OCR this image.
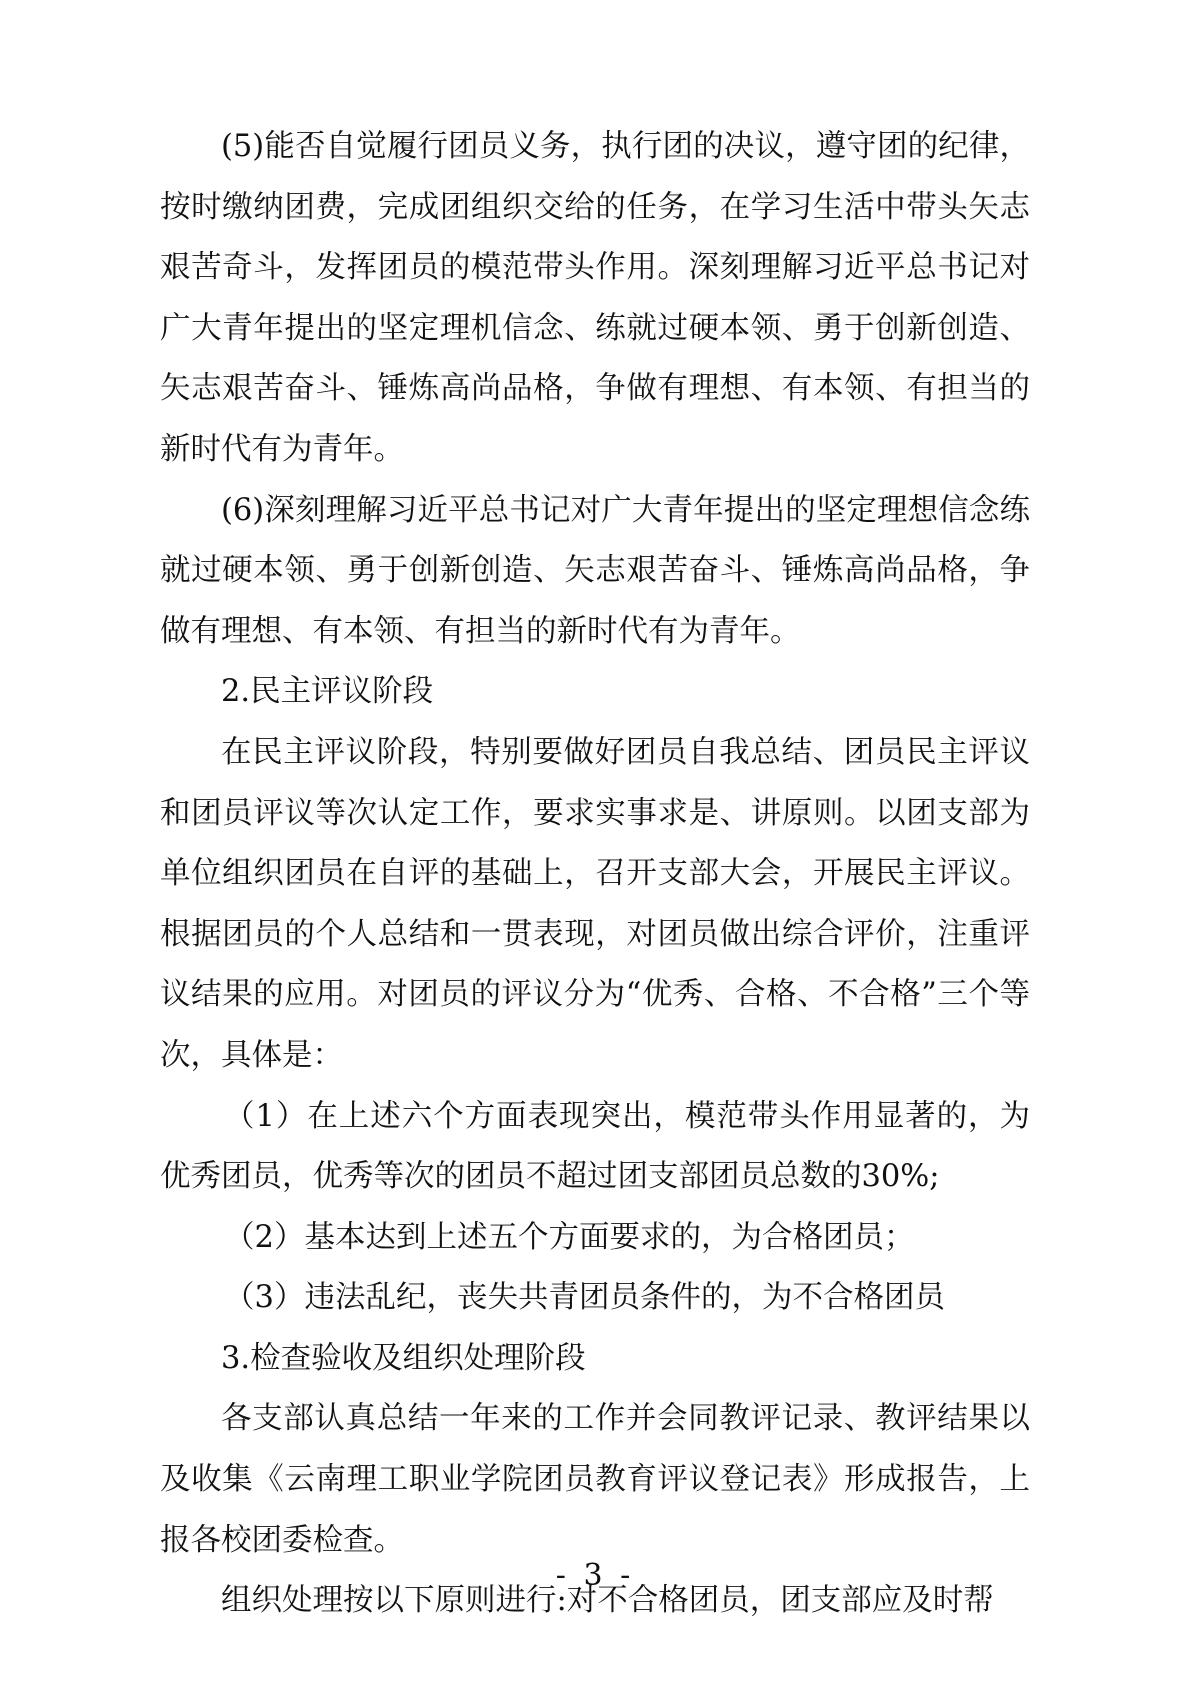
(5)能否自觉履行团员义务，执行团的决议，遵守团的纪律，按时缴纳团费，完成团组织交给的任务，在学习生活中带头矢志艰苦奇斗，发挥团员的模范带头作用。深刻理解习近平总书记对广大青年提出的坚定理机信念、练就过硬本领、勇于创新创造、矢志艰苦奋斗、锤炼高尚品格，争做有理想、有本领、有担当的新时代有为青年。

(6)深刻理解习近平总书记对广大青年提出的坚定理想信念练就过硬本领、勇于创新创造、矢志艰苦奋斗、锤炼高尚品格，争做有理想、有本领、有担当的新时代有为青年。

2.民主评议阶段

在民主评议阶段，特别要做好团员自我总结、团员民主评议和团员评议等次认定工作，要求实事求是、讲原则。以团支部为单位组织团员在自评的基础上，召开支部大会，开展民主评议。根据团员的个人总结和一贯表现，对团员做出综合评价，注重评议结果的应用。对团员的评议分为“优秀、合格、不合格”三个等次，具体是：

（1）在上述六个方面表现突出，模范带头作用显著的，为优秀团员，优秀等次的团员不超过团支部团员总数的30%;

（2）基本达到上述五个方面要求的，为合格团员；

（3）违法乱纪，丧失共青团员条件的，为不合格团员

3.检查验收及组织处理阶段

各支部认真总结一年来的工作并会同教评记录、教评结果以及收集《云南理工职业学院团员教育评议登记表》形成报告，上报各校团委检查。

组织处理按以下原则进行:对不合格团员，团支部应及时帮

- 3 -
